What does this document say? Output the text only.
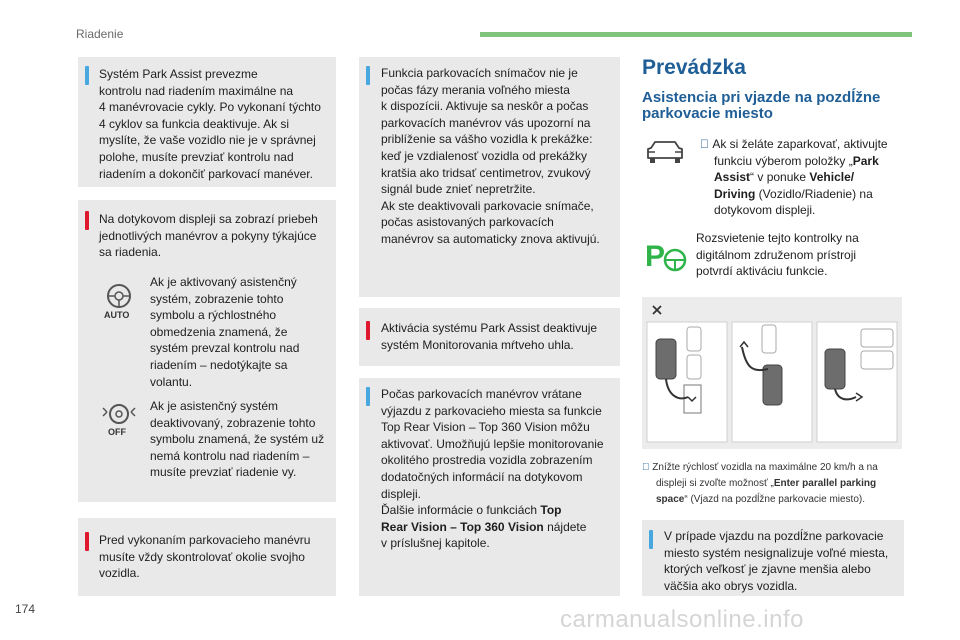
Riadenie
Systém Park Assist prevezme
kontrolu nad riadením maximálne na
4 manévrovacie cykly. Po vykonaní týchto
4 cyklov sa funkcia deaktivuje. Ak si
myslíte, že vaše vozidlo nie je v správnej
polohe, musíte prevziať kontrolu nad
riadením a dokončiť parkovací manéver.
Na dotykovom displeji sa zobrazí priebeh
jednotlivých manévrov a pokyny týkajúce
sa riadenia.
AUTO
Ak je aktivovaný asistenčný
systém, zobrazenie tohto
symbolu a rýchlostného
obmedzenia znamená, že
systém prevzal kontrolu nad
riadením – nedotýkajte sa
volantu.
OFF
Ak je asistenčný systém
deaktivovaný, zobrazenie tohto
symbolu znamená, že systém už
nemá kontrolu nad riadením –
musíte prevziať riadenie vy.
Pred vykonaním parkovacieho manévru
musíte vždy skontrolovať okolie svojho
vozidla.
Funkcia parkovacích snímačov nie je
počas fázy merania voľného miesta
k dispozícii. Aktivuje sa neskôr a počas
parkovacích manévrov vás upozorní na
priblíženie sa vášho vozidla k prekážke:
keď je vzdialenosť vozidla od prekážky
kratšia ako tridsať centimetrov, zvukový
signál bude znieť nepretržite.
Ak ste deaktivovali parkovacie snímače,
počas asistovaných parkovacích
manévrov sa automaticky znova aktivujú.
Aktivácia systému Park Assist deaktivuje
systém Monitorovania mŕtveho uhla.
Počas parkovacích manévrov vrátane
výjazdu z parkovacieho miesta sa funkcie
Top Rear Vision – Top 360 Vision môžu
aktivovať. Umožňujú lepšie monitorovanie
okolitého prostredia vozidla zobrazením
dodatočných informácií na dotykovom
displeji.
Ďalšie informácie o funkciách Top
Rear Vision – Top 360 Vision nájdete
v príslušnej kapitole.
Prevádzka
Asistencia pri vjazde na pozdĺžne
parkovacie miesto
Ak si želáte zaparkovať, aktivujte
funkciu výberom položky „Park
Assist“ v ponuke Vehicle/
Driving (Vozidlo/Riadenie) na
dotykovom displeji.
P
Rozsvietenie tejto kontrolky na
digitálnom združenom prístroji
potvrdí aktiváciu funkcie.
Znížte rýchlosť vozidla na maximálne 20 km/h a na
displeji si zvoľte možnosť „Enter parallel parking
space“ (Vjazd na pozdĺžne parkovacie miesto).
V prípade vjazdu na pozdĺžne parkovacie
miesto systém nesignalizuje voľné miesta,
ktorých veľkosť je zjavne menšia alebo
väčšia ako obrys vozidla.
174	carmanualsonline.info
